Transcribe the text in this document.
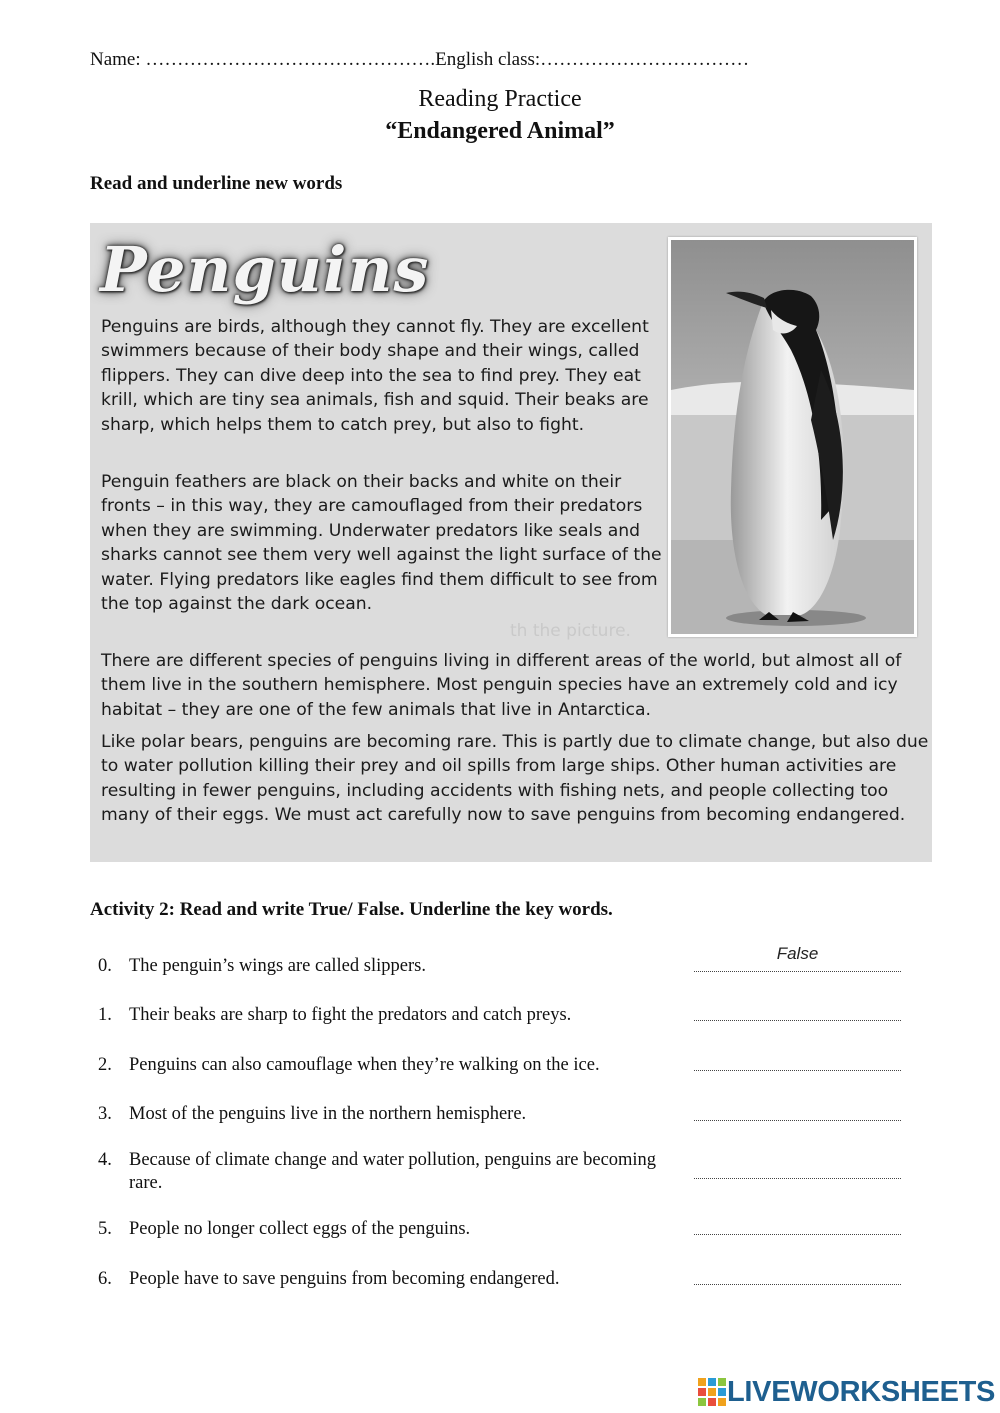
Name: ……………………………………….English class:……………………………
Reading Practice
“Endangered Animal”
Read and underline new words
th the picture.
Penguins
Penguins are birds, although they cannot fly. They are excellent swimmers because of their body shape and their wings, called flippers. They can dive deep into the sea to find prey. They eat krill, which are tiny sea animals, fish and squid. Their beaks are sharp, which helps them to catch prey, but also to fight.
Penguin feathers are black on their backs and white on their fronts – in this way, they are camouflaged from their predators when they are swimming. Underwater predators like seals and sharks cannot see them very well against the light surface of the water. Flying predators like eagles find them difficult to see from the top against the dark ocean.
There are different species of penguins living in different areas of the world, but almost all of them live in the southern hemisphere. Most penguin species have an extremely cold and icy habitat – they are one of the few animals that live in Antarctica.
Like polar bears, penguins are becoming rare. This is partly due to climate change, but also due to water pollution killing their prey and oil spills from large ships. Other human activities are resulting in fewer penguins, including accidents with fishing nets, and people collecting too many of their eggs. We must act carefully now to save penguins from becoming endangered.
Activity 2: Read and write True/ False. Underline the key words.
0. The penguin’s wings are called slippers.
False
1. Their beaks are sharp to fight the predators and catch preys.
2. Penguins can also camouflage when they’re walking on the ice.
3. Most of the penguins live in the northern hemisphere.
4. Because of climate change and water pollution, penguins are becoming rare.
5. People no longer collect eggs of the penguins.
6. People have to save penguins from becoming endangered.
LIVEWORKSHEETS
